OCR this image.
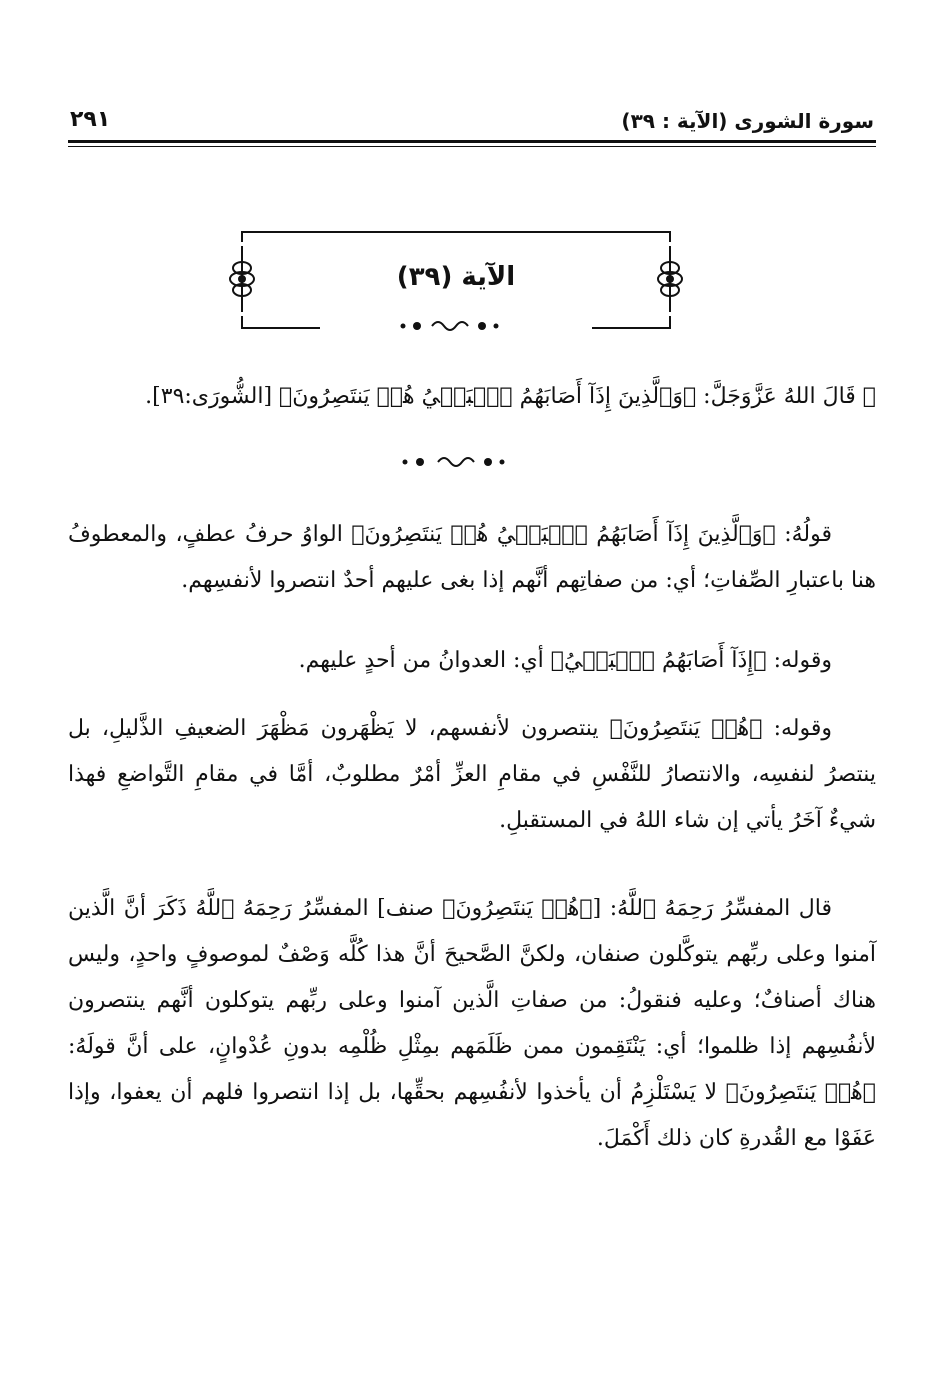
سورة الشورى (الآية : ٣٩)
٢٩١
الآية (٣٩)
۞ قَالَ اللهُ عَزَّوَجَلَّ: ﴿وَٱلَّذِينَ إِذَآ أَصَابَهُمُ ٱلۡبَغۡيُ هُمۡ يَنتَصِرُونَ﴾ [الشُّورَى:٣٩].

قولُهُ: ﴿وَٱلَّذِينَ إِذَآ أَصَابَهُمُ ٱلۡبَغۡيُ هُمۡ يَنتَصِرُونَ﴾ الواوُ حرفُ عطفٍ، والمعطوفُ هنا باعتبارِ الصِّفاتِ؛ أي: من صفاتِهم أنَّهم إذا بغى عليهم أحدٌ انتصروا لأنفسِهم.

وقوله: ﴿إِذَآ أَصَابَهُمُ ٱلۡبَغۡيُ﴾ أي: العدوانُ من أحدٍ عليهم.

وقوله: ﴿هُمۡ يَنتَصِرُونَ﴾ ينتصرون لأنفسهم، لا يَظْهَرون مَظْهَرَ الضعيفِ الذَّليلِ، بل ينتصرُ لنفسِه، والانتصارُ للنَّفْسِ في مقامِ العزِّ أمْرٌ مطلوبٌ، أمَّا في مقامِ التَّواضعِ فهذا شيءٌ آخَرُ يأتي إن شاء اللهُ في المستقبلِ.

قال المفسِّرُ رَحِمَهُ ٱللَّهُ: [﴿هُمۡ يَنتَصِرُونَ﴾ صنف] المفسِّرُ رَحِمَهُ ٱللَّهُ ذَكَرَ أنَّ الَّذين آمنوا وعلى ربِّهم يتوكَّلون صنفان، ولكنَّ الصَّحيحَ أنَّ هذا كُلَّه وَصْفٌ لموصوفٍ واحدٍ، وليس هناك أصنافٌ؛ وعليه فنقولُ: من صفاتِ الَّذين آمنوا وعلى ربِّهم يتوكلون أنَّهم ينتصرون لأنفُسِهم إذا ظلموا؛ أي: يَنْتَقِمون ممن ظَلَمَهم بمِثْلِ ظُلْمِه بدونِ عُدْوانٍ، على أنَّ قولَهُ: ﴿هُمۡ يَنتَصِرُونَ﴾ لا يَسْتَلْزِمُ أن يأخذوا لأنفُسِهم بحقِّها، بل إذا انتصروا فلهم أن يعفوا، وإذا عَفَوْا مع القُدرةِ كان ذلك أَكْمَلَ.
